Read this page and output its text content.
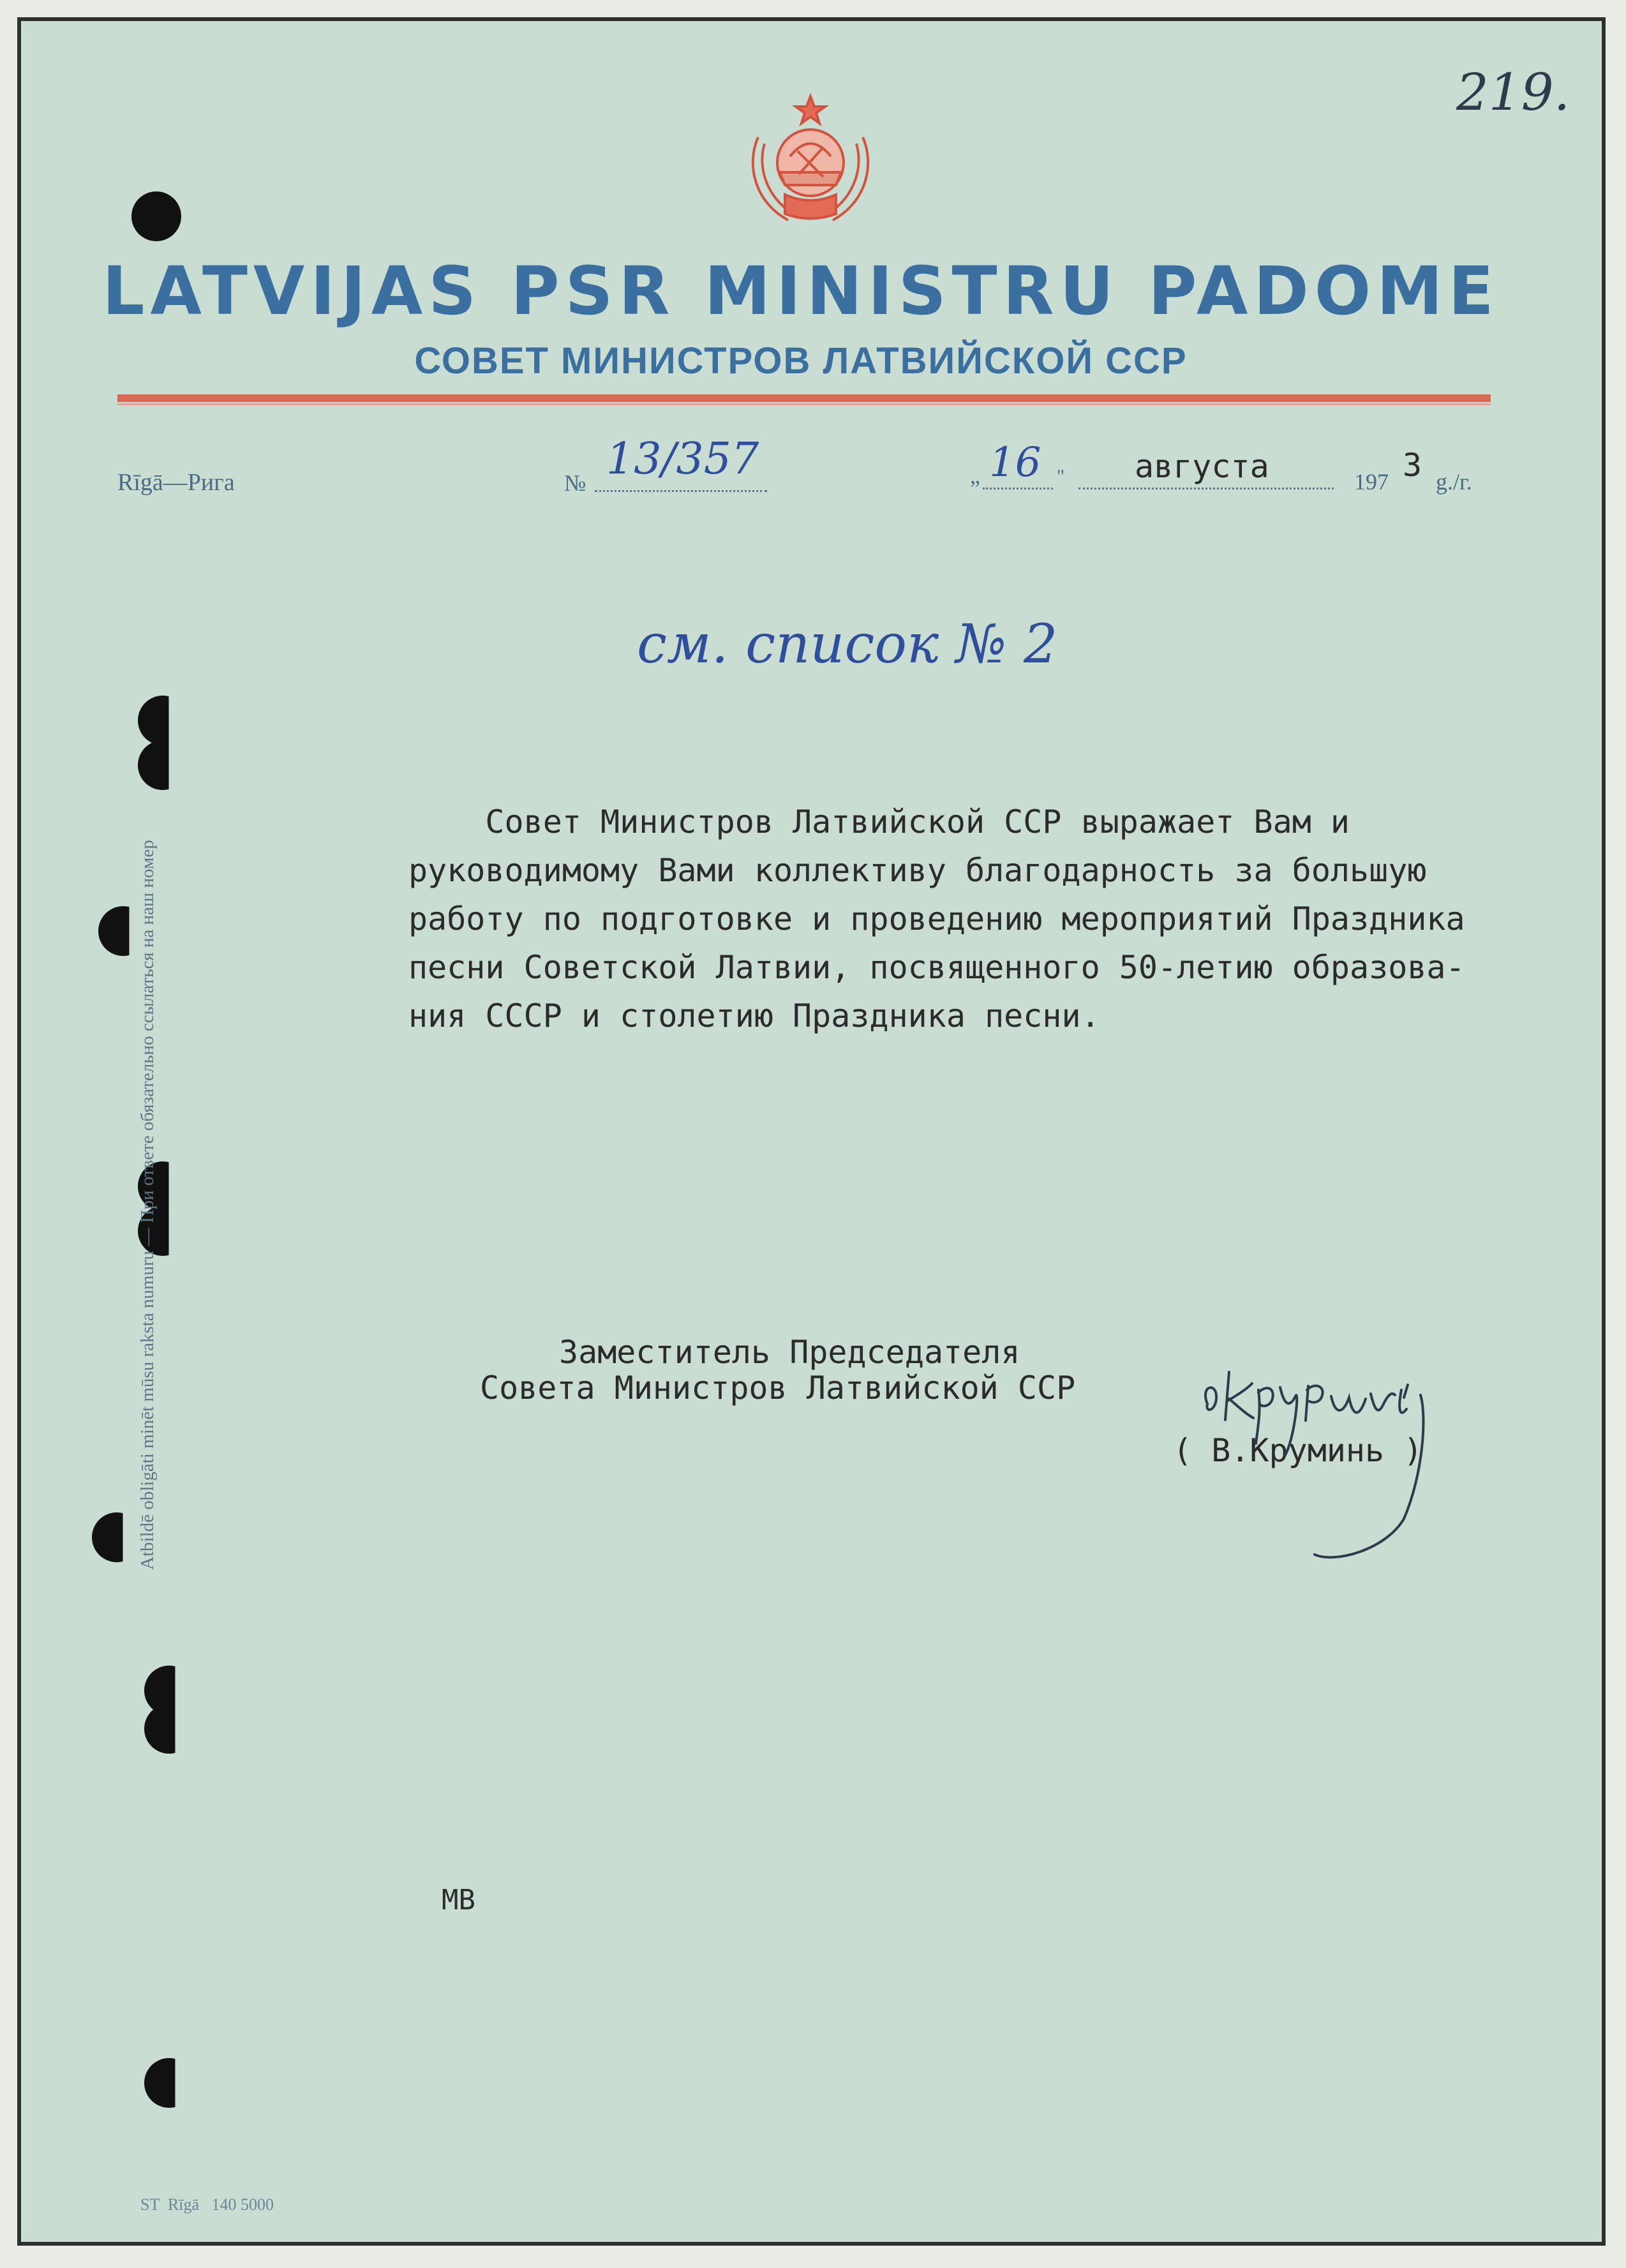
219.
LATVIJAS PSR MINISTRU PADOME
СОВЕТ МИНИСТРОВ ЛАТВИЙСКОЙ ССР
Rīgā—Рига	№ 13/357	„ 16 " августа	197 3 g./г.
см. список № 2

Совет Министров Латвийской ССР выражает Вам и

руководимому Вами коллективу благодарность за большую

работу по подготовке и проведению мероприятий Праздника

песни Советской Латвии, посвященного 50-летию образова-

ния СССР и столетию Праздника песни.

Заместитель Председателя
Совета Министров Латвийской ССР
( В.Круминь )
МВ
Atbildē obligāti minēt mūsu raksta numuru — При ответе обязательно ссылаться на наш номер
ST  Rīgā   140 5000
